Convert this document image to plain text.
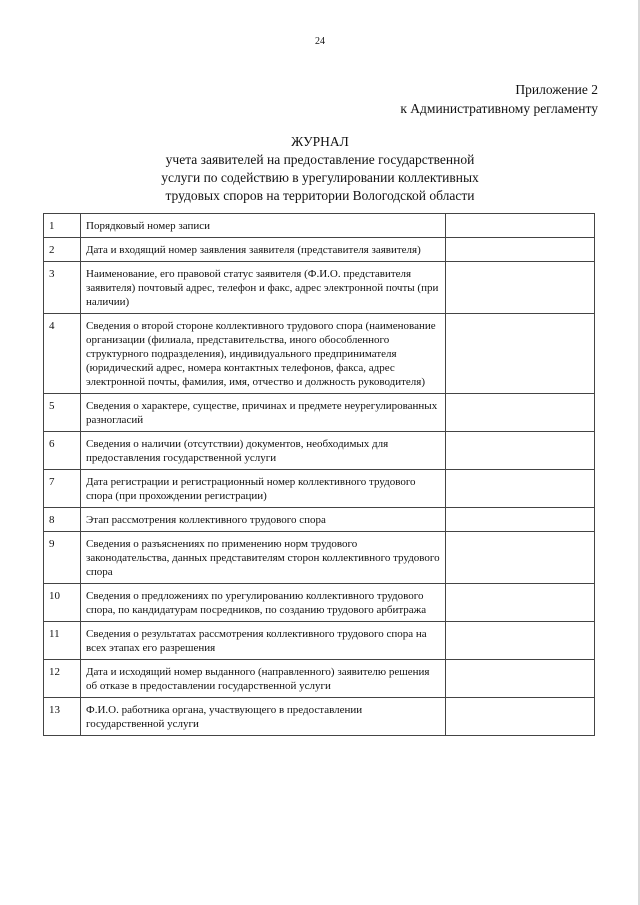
24
Приложение 2
к Административному регламенту
ЖУРНАЛ
учета заявителей на предоставление государственной
услуги по содействию в урегулировании коллективных
трудовых споров на территории Вологодской области
1	Порядковый номер записи	
2	Дата и входящий номер заявления заявителя (представителя заявителя)	
3	Наименование, его правовой статус заявителя (Ф.И.О. представителя заявителя) почтовый адрес, телефон и факс, адрес электронной почты (при наличии)	
4	Сведения о второй стороне коллективного трудового спора (наименование организации (филиала, представительства, иного обособленного структурного подразделения), индивидуального предпринимателя (юридический адрес, номера контактных телефонов, факса, адрес электронной почты, фамилия, имя, отчество и должность руководителя)	
5	Сведения о характере, существе, причинах и предмете неурегулированных разногласий	
6	Сведения о наличии (отсутствии) документов, необходимых для предоставления государственной услуги	
7	Дата регистрации и регистрационный номер коллективного трудового спора (при прохождении регистрации)	
8	Этап рассмотрения коллективного трудового спора	
9	Сведения о разъяснениях по применению норм трудового законодательства, данных представителям сторон коллективного трудового спора	
10	Сведения о предложениях по урегулированию коллективного трудового спора, по кандидатурам посредников, по созданию трудового арбитража	
11	Сведения о результатах рассмотрения коллективного трудового спора на всех этапах его разрешения	
12	Дата и исходящий номер выданного (направленного) заявителю решения об отказе в предоставлении государственной услуги	
13	Ф.И.О. работника органа, участвующего в предоставлении государственной услуги	
